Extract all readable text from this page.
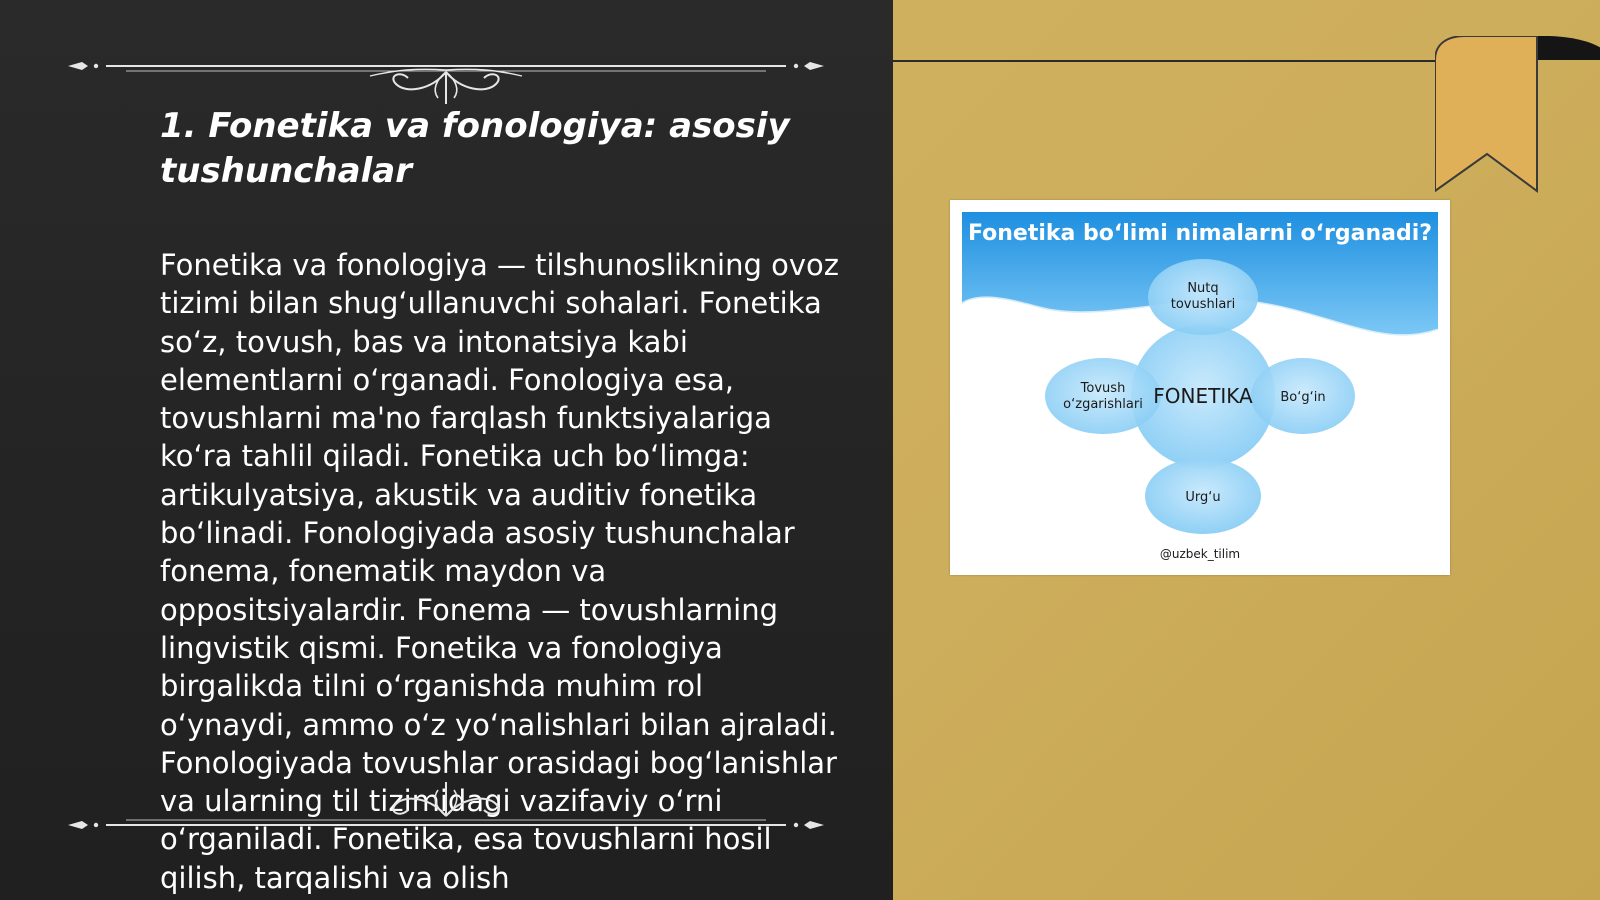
1. Fonetika va fonologiya: asosiy tushunchalar

Fonetika va fonologiya — tilshunoslikning ovoz tizimi bilan shug‘ullanuvchi sohalari. Fonetika so‘z, tovush, bas va intonatsiya kabi elementlarni o‘rganadi. Fonologiya esa, tovushlarni ma'no farqlash funktsiyalariga ko‘ra tahlil qiladi. Fonetika uch bo‘limga: artikulyatsiya, akustik va auditiv fonetika bo‘linadi. Fonologiyada asosiy tushunchalar fonema, fonematik maydon va oppositsiyalardir. Fonema — tovushlarning lingvistik qismi. Fonetika va fonologiya birgalikda tilni o‘rganishda muhim rol o‘ynaydi, ammo o‘z yo‘nalishlari bilan ajraladi. Fonologiyada tovushlar orasidagi bog‘lanishlar va ularning til tizimidagi vazifaviy o‘rni o‘rganiladi. Fonetika, esa tovushlarni hosil qilish, tarqalishi va olish

Fonetika bo‘limi nimalarni o‘rganadi?
Nutq
tovushlari
FONETIKA
Tovush
o‘zgarishlari	Bo‘g‘in
Urg‘u
@uzbek_tilim
